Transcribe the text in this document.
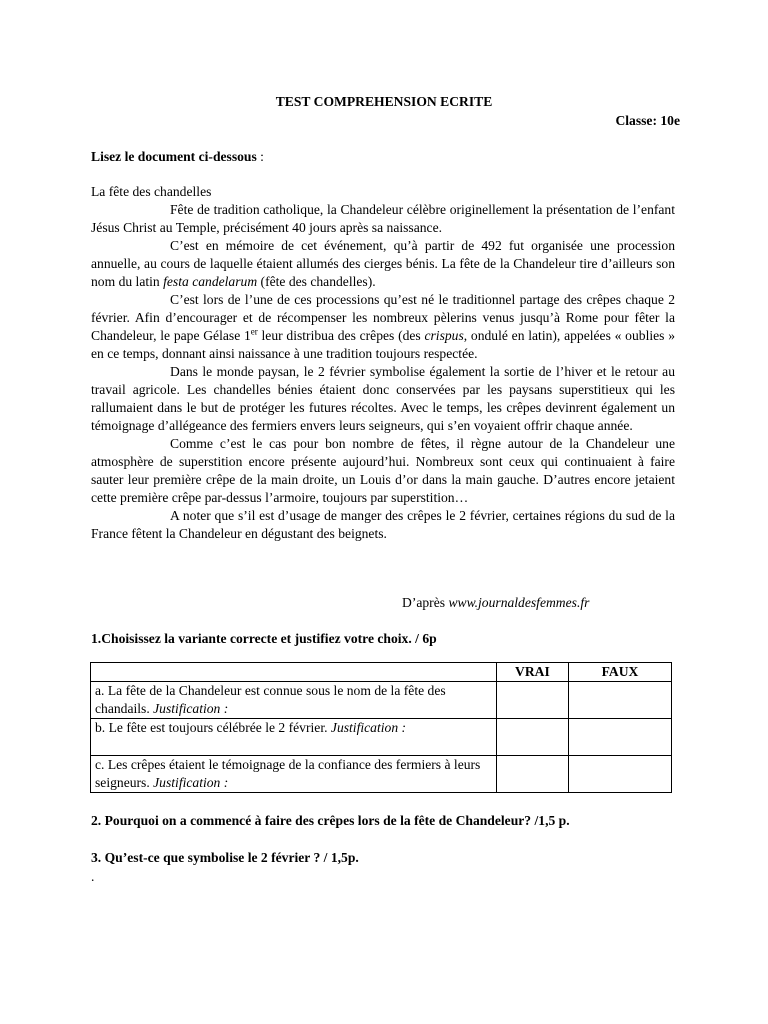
TEST COMPREHENSION ECRITE
Classe: 10e
Lisez le document ci-dessous :
La fête des chandelles

Fête de tradition catholique, la Chandeleur célèbre originellement la présentation de l’enfant Jésus Christ au Temple, précisément 40 jours après sa naissance.

C’est en mémoire de cet événement, qu’à partir de 492 fut organisée une procession annuelle, au cours de laquelle étaient allumés des cierges bénis. La fête de la Chandeleur tire d’ailleurs son nom du latin festa candelarum (fête des chandelles).

C’est lors de l’une de ces processions qu’est né le traditionnel partage des crêpes chaque 2 février. Afin d’encourager et de récompenser les nombreux pèlerins venus jusqu’à Rome pour fêter la Chandeleur, le pape Gélase 1er leur distribua des crêpes (des crispus, ondulé en latin), appelées « oublies » en ce temps, donnant ainsi naissance à une tradition toujours respectée.

Dans le monde paysan, le 2 février symbolise également la sortie de l’hiver et le retour au travail agricole. Les chandelles bénies étaient donc conservées par les paysans superstitieux qui les rallumaient dans le but de protéger les futures récoltes. Avec le temps, les crêpes devinrent également un témoignage d’allégeance des fermiers envers leurs seigneurs, qui s’en voyaient offrir chaque année.

Comme c’est le cas pour bon nombre de fêtes, il règne autour de la Chandeleur une atmosphère de superstition encore présente aujourd’hui. Nombreux sont ceux qui continuaient à faire sauter leur première crêpe de la main droite, un Louis d’or dans la main gauche. D’autres encore jetaient cette première crêpe par-dessus l’armoire, toujours par superstition…

A noter que s’il est d’usage de manger des crêpes le 2 février, certaines régions du sud de la France fêtent la Chandeleur en dégustant des beignets.

D’après www.journaldesfemmes.fr
1.Choisissez la variante correcte et justifiez votre choix. / 6p
	VRAI	FAUX
a. La fête de la Chandeleur est connue sous le nom de la fête des chandails. Justification :		
b. Le fête est toujours célébrée le 2 février. Justification :		
c. Les crêpes étaient le témoignage de la confiance des fermiers à leurs seigneurs. Justification :		
2. Pourquoi on a commencé à faire des crêpes lors de la fête de Chandeleur? /1,5 p.
3. Qu’est-ce que symbolise le 2 février ? / 1,5p.
.
